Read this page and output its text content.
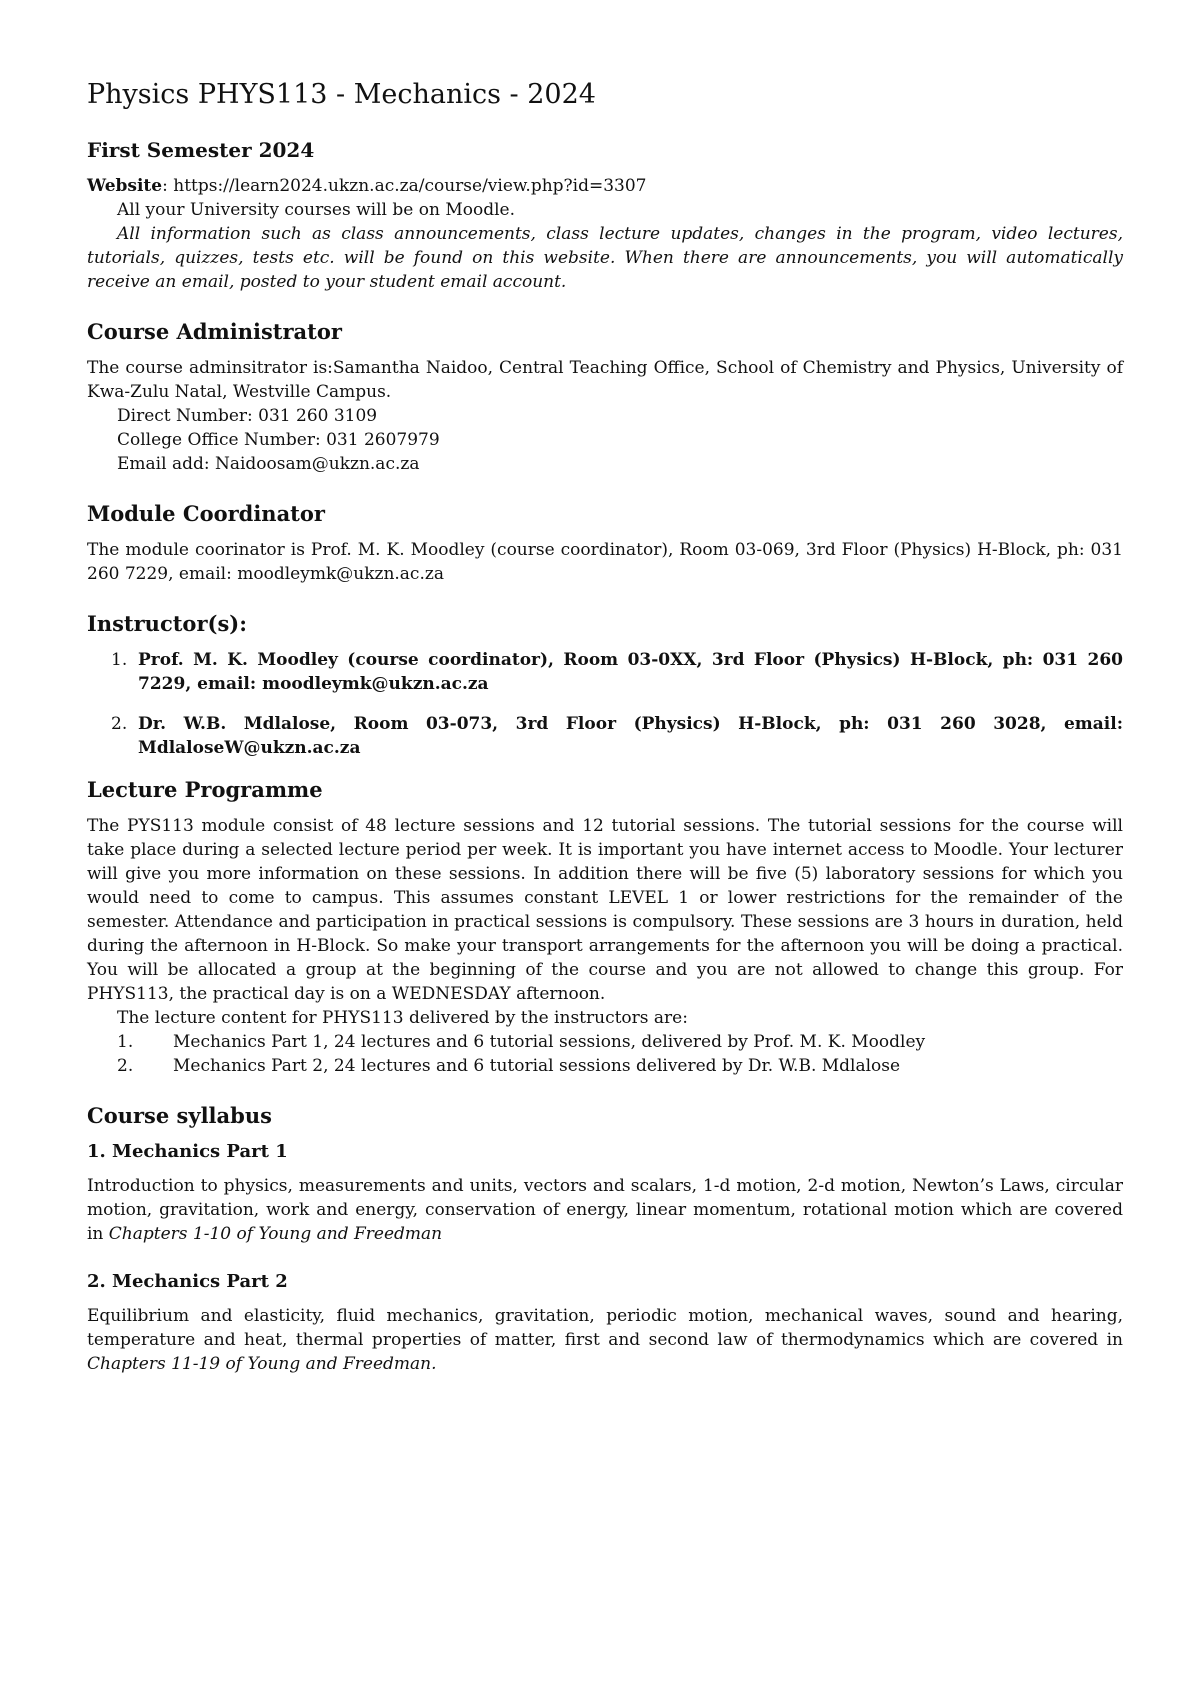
Physics PHYS113 - Mechanics - 2024
First Semester 2024

Website: https://learn2024.ukzn.ac.za/course/view.php?id=3307

All your University courses will be on Moodle.

All information such as class announcements, class lecture updates, changes in the program, video lectures, tutorials, quizzes, tests etc. will be found on this website. When there are announcements, you will automatically receive an email, posted to your student email account.

Course Administrator

The course adminsitrator is:Samantha Naidoo, Central Teaching Office, School of Chemistry and Physics, University of Kwa-Zulu Natal, Westville Campus.

Direct Number: 031 260 3109

College Office Number: 031 2607979

Email add: Naidoosam@ukzn.ac.za

Module Coordinator

The module coorinator is Prof. M. K. Moodley (course coordinator), Room 03-069, 3rd Floor (Physics) H-Block, ph: 031 260 7229, email: moodleymk@ukzn.ac.za

Instructor(s):
1. Prof. M. K. Moodley (course coordinator), Room 03-0XX, 3rd Floor (Physics) H-Block, ph: 031 260 7229, email: moodleymk@ukzn.ac.za
2. Dr. W.B. Mdlalose, Room 03-073, 3rd Floor (Physics) H-Block, ph: 031 260 3028, email: MdlaloseW@ukzn.ac.za
Lecture Programme

The PYS113 module consist of 48 lecture sessions and 12 tutorial sessions. The tutorial sessions for the course will take place during a selected lecture period per week. It is important you have internet access to Moodle. Your lecturer will give you more information on these sessions. In addition there will be five (5) laboratory sessions for which you would need to come to campus. This assumes constant LEVEL 1 or lower restrictions for the remainder of the semester. Attendance and participation in practical sessions is compulsory. These sessions are 3 hours in duration, held during the afternoon in H-Block. So make your transport arrangements for the afternoon you will be doing a practical. You will be allocated a group at the beginning of the course and you are not allowed to change this group. For PHYS113, the practical day is on a WEDNESDAY afternoon.

The lecture content for PHYS113 delivered by the instructors are:

1. Mechanics Part 1, 24 lectures and 6 tutorial sessions, delivered by Prof. M. K. Moodley
2. Mechanics Part 2, 24 lectures and 6 tutorial sessions delivered by Dr. W.B. Mdlalose
Course syllabus
1. Mechanics Part 1

Introduction to physics, measurements and units, vectors and scalars, 1-d motion, 2-d motion, Newton’s Laws, circular motion, gravitation, work and energy, conservation of energy, linear momentum, rotational motion which are covered in Chapters 1-10 of Young and Freedman

2. Mechanics Part 2

Equilibrium and elasticity, fluid mechanics, gravitation, periodic motion, mechanical waves, sound and hearing, temperature and heat, thermal properties of matter, first and second law of thermodynamics which are covered in Chapters 11-19 of Young and Freedman.
